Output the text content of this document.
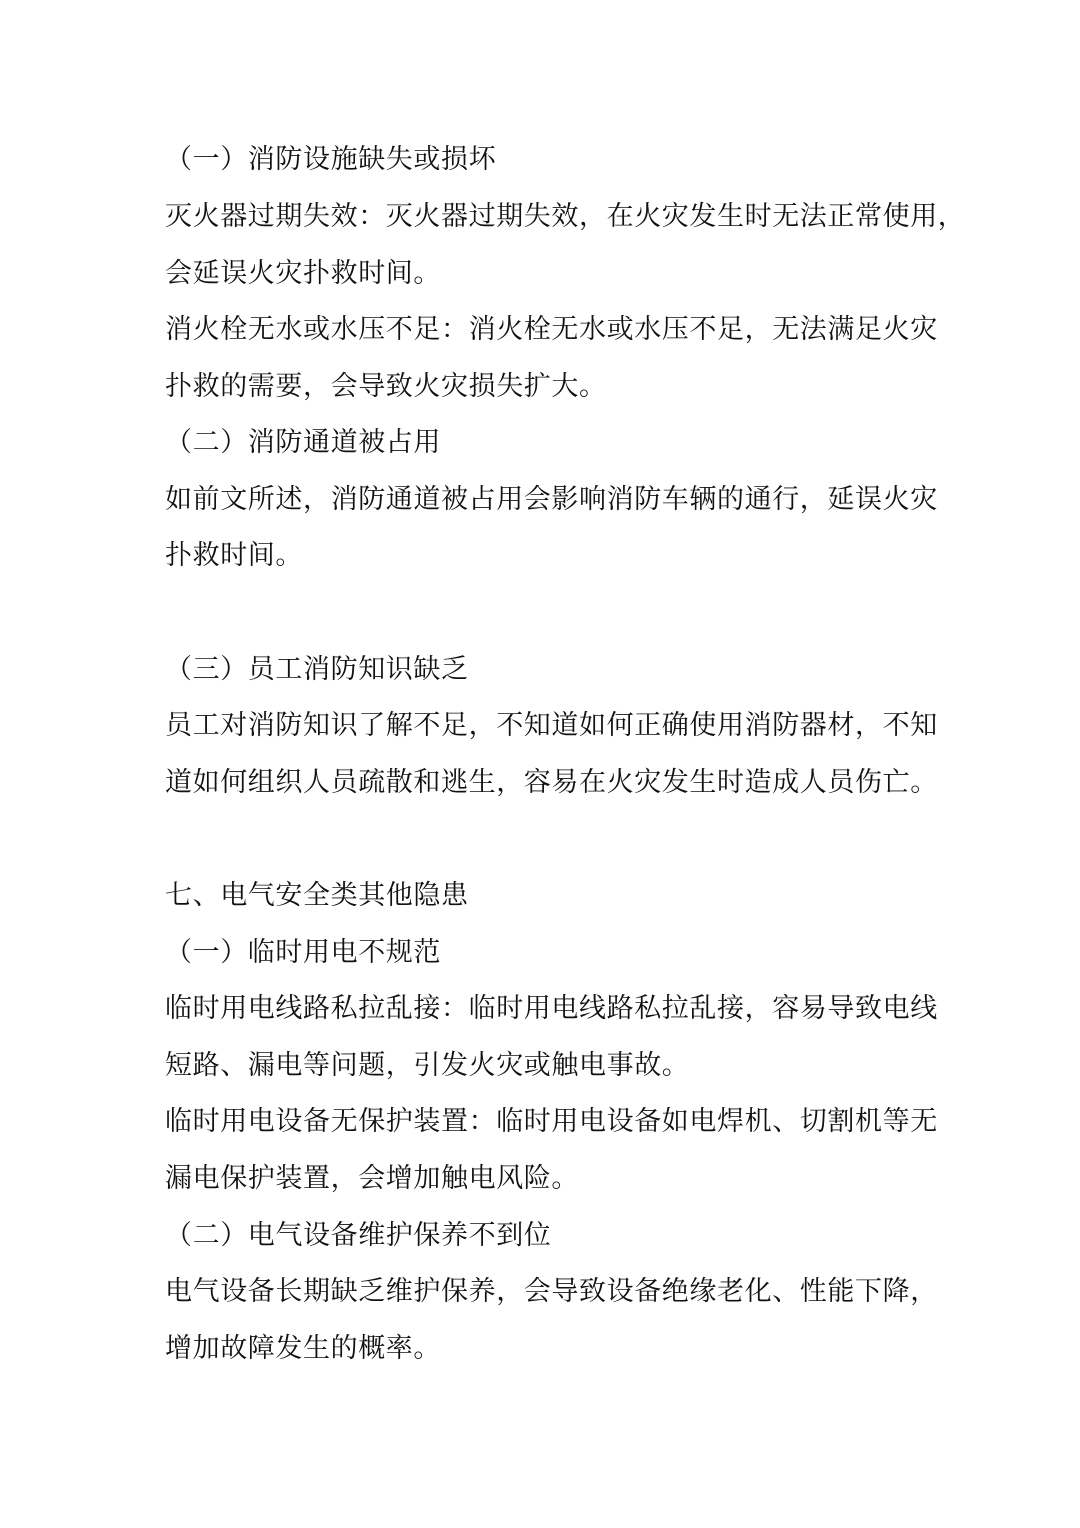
（一）消防设施缺失或损坏
灭火器过期失效：灭火器过期失效，在火灾发生时无法正常使用，
会延误火灾扑救时间。
消火栓无水或水压不足：消火栓无水或水压不足，无法满足火灾
扑救的需要，会导致火灾损失扩大。
（二）消防通道被占用
如前文所述，消防通道被占用会影响消防车辆的通行，延误火灾
扑救时间。
（三）员工消防知识缺乏
员工对消防知识了解不足，不知道如何正确使用消防器材，不知
道如何组织人员疏散和逃生，容易在火灾发生时造成人员伤亡。
七、电气安全类其他隐患
（一）临时用电不规范
临时用电线路私拉乱接：临时用电线路私拉乱接，容易导致电线
短路、漏电等问题，引发火灾或触电事故。
临时用电设备无保护装置：临时用电设备如电焊机、切割机等无
漏电保护装置，会增加触电风险。
（二）电气设备维护保养不到位
电气设备长期缺乏维护保养，会导致设备绝缘老化、性能下降，
增加故障发生的概率。
